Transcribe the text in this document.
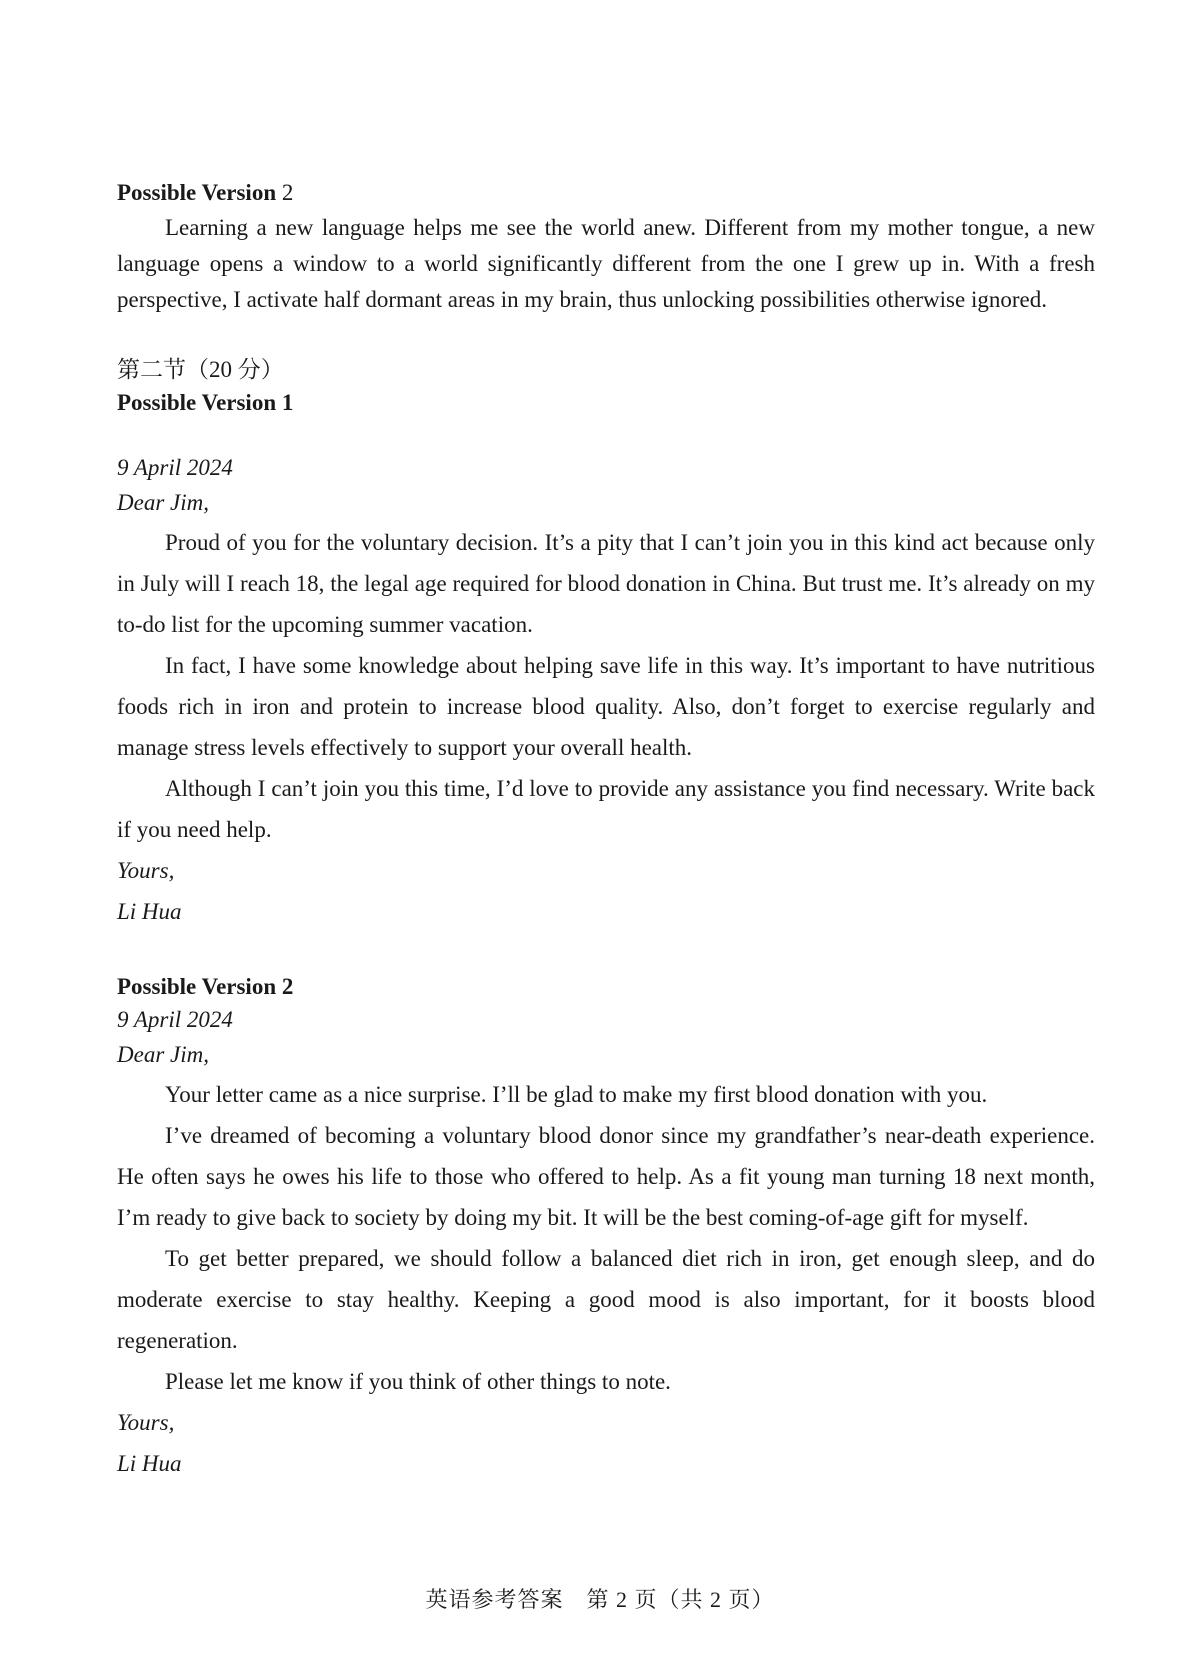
Possible Version 2

Learning a new language helps me see the world anew. Different from my mother tongue, a new language opens a window to a world significantly different from the one I grew up in. With a fresh perspective, I activate half dormant areas in my brain, thus unlocking possibilities otherwise ignored.

第二节（20 分）

Possible Version 1

9 April 2024

Dear Jim,

Proud of you for the voluntary decision. It’s a pity that I can’t join you in this kind act because only in July will I reach 18, the legal age required for blood donation in China. But trust me. It’s already on my to-do list for the upcoming summer vacation.

In fact, I have some knowledge about helping save life in this way. It’s important to have nutritious foods rich in iron and protein to increase blood quality. Also, don’t forget to exercise regularly and manage stress levels effectively to support your overall health.

Although I can’t join you this time, I’d love to provide any assistance you find necessary. Write back if you need help.

Yours,

Li Hua

Possible Version 2

9 April 2024

Dear Jim,

Your letter came as a nice surprise. I’ll be glad to make my first blood donation with you.

I’ve dreamed of becoming a voluntary blood donor since my grandfather’s near-death experience. He often says he owes his life to those who offered to help. As a fit young man turning 18 next month, I’m ready to give back to society by doing my bit. It will be the best coming-of-age gift for myself.

To get better prepared, we should follow a balanced diet rich in iron, get enough sleep, and do moderate exercise to stay healthy. Keeping a good mood is also important, for it boosts blood regeneration.

Please let me know if you think of other things to note.

Yours,

Li Hua

英语参考答案　第 2 页（共 2 页）
